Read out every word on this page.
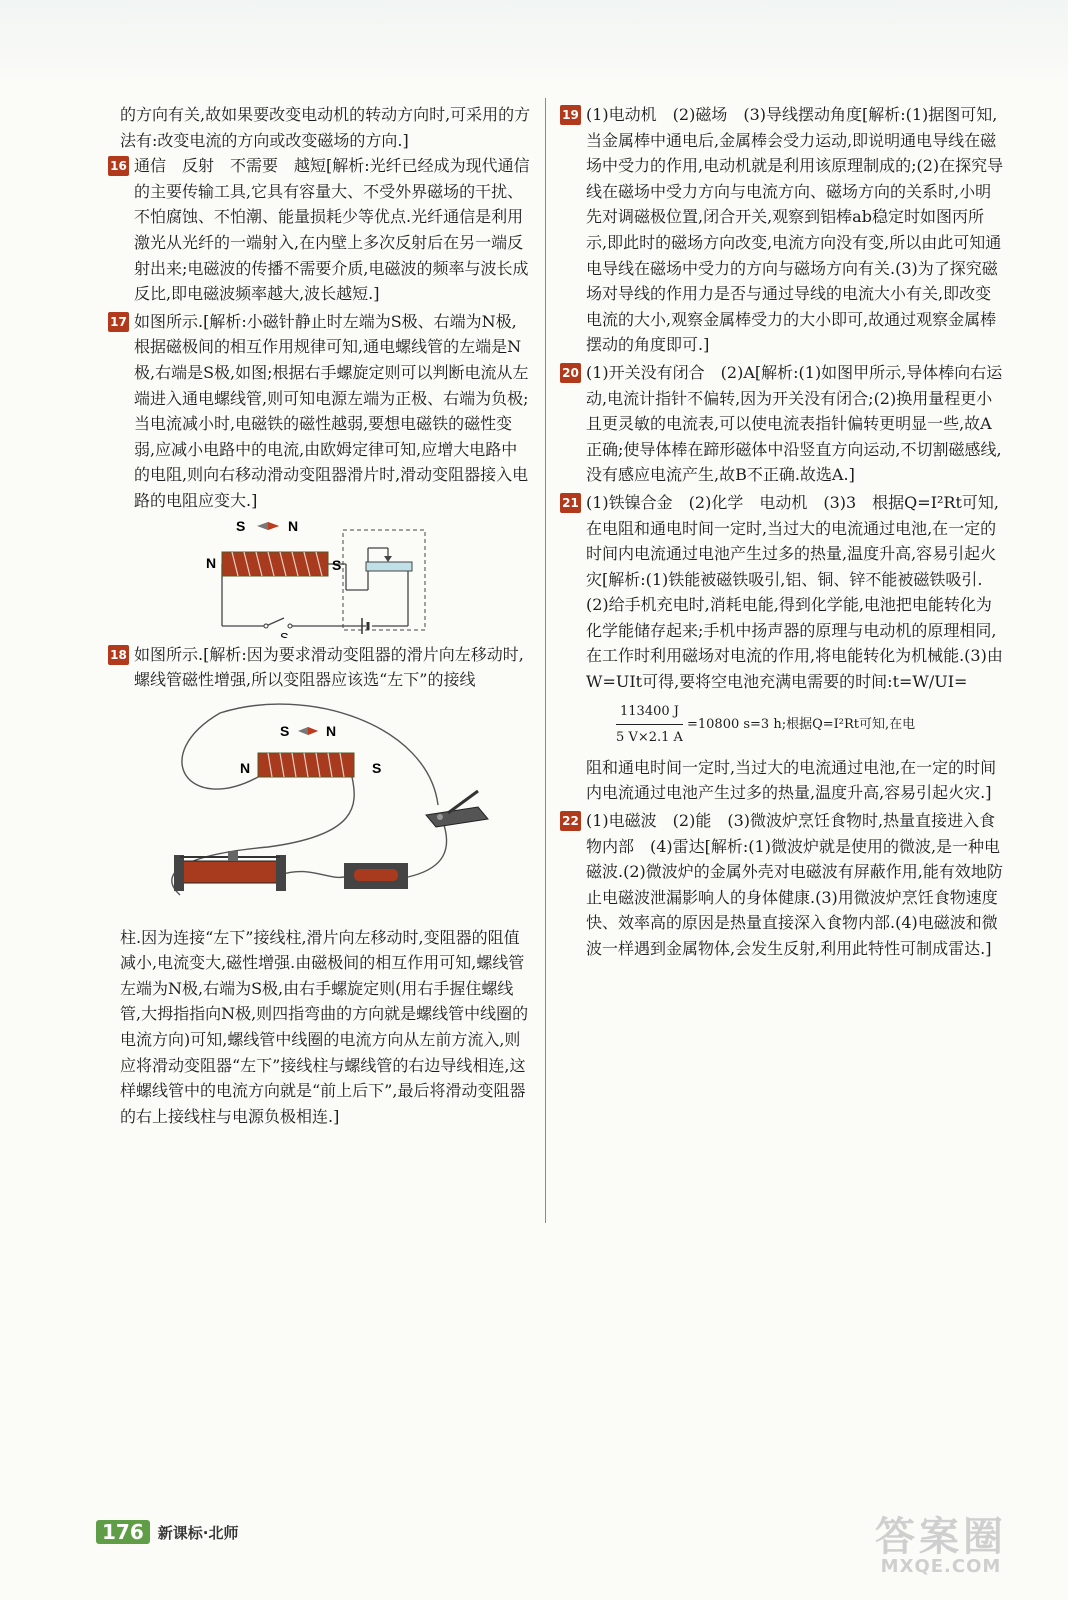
的方向有关,故如果要改变电动机的转动方向时,可采用的方法有:改变电流的方向或改变磁场的方向.]
16 通信　反射　不需要　越短[解析:光纤已经成为现代通信的主要传输工具,它具有容量大、不受外界磁场的干扰、不怕腐蚀、不怕潮、能量损耗少等优点.光纤通信是利用激光从光纤的一端射入,在内壁上多次反射后在另一端反射出来;电磁波的传播不需要介质,电磁波的频率与波长成反比,即电磁波频率越大,波长越短.]
17 如图所示.[解析:小磁针静止时左端为S极、右端为N极,根据磁极间的相互作用规律可知,通电螺线管的左端是N极,右端是S极,如图;根据右手螺旋定则可以判断电流从左端进入通电螺线管,则可知电源左端为正极、右端为负极;当电流减小时,电磁铁的磁性越弱,要想电磁铁的磁性变弱,应减小电路中的电流,由欧姆定律可知,应增大电路中的电阻,则向右移动滑动变阻器滑片时,滑动变阻器接入电路的电阻应变大.]
S	N
N	S
S
18 如图所示.[解析:因为要求滑动变阻器的滑片向左移动时,螺线管磁性增强,所以变阻器应该选“左下”的接线
S	N
N	S
柱.因为连接“左下”接线柱,滑片向左移动时,变阻器的阻值减小,电流变大,磁性增强.由磁极间的相互作用可知,螺线管左端为N极,右端为S极,由右手螺旋定则(用右手握住螺线管,大拇指指向N极,则四指弯曲的方向就是螺线管中线圈的电流方向)可知,螺线管中线圈的电流方向从左前方流入,则应将滑动变阻器“左下”接线柱与螺线管的右边导线相连,这样螺线管中的电流方向就是“前上后下”,最后将滑动变阻器的右上接线柱与电源负极相连.]
19 (1)电动机　(2)磁场　(3)导线摆动角度[解析:(1)据图可知,当金属棒中通电后,金属棒会受力运动,即说明通电导线在磁场中受力的作用,电动机就是利用该原理制成的;(2)在探究导线在磁场中受力方向与电流方向、磁场方向的关系时,小明先对调磁极位置,闭合开关,观察到铝棒ab稳定时如图丙所示,即此时的磁场方向改变,电流方向没有变,所以由此可知通电导线在磁场中受力的方向与磁场方向有关.(3)为了探究磁场对导线的作用力是否与通过导线的电流大小有关,即改变电流的大小,观察金属棒受力的大小即可,故通过观察金属棒摆动的角度即可.]
20 (1)开关没有闭合　(2)A[解析:(1)如图甲所示,导体棒向右运动,电流计指针不偏转,因为开关没有闭合;(2)换用量程更小且更灵敏的电流表,可以使电流表指针偏转更明显一些,故A正确;使导体棒在蹄形磁体中沿竖直方向运动,不切割磁感线,没有感应电流产生,故B不正确.故选A.]
21 (1)铁镍合金　(2)化学　电动机　(3)3　根据Q=I²Rt可知,在电阻和通电时间一定时,当过大的电流通过电池,在一定的时间内电流通过电池产生过多的热量,温度升高,容易引起火灾[解析:(1)铁能被磁铁吸引,铝、铜、锌不能被磁铁吸引.(2)给手机充电时,消耗电能,得到化学能,电池把电能转化为化学能储存起来;手机中扬声器的原理与电动机的原理相同,在工作时利用磁场对电流的作用,将电能转化为机械能.(3)由W=UIt可得,要将空电池充满电需要的时间:t=W/UI=
$\frac{113400 J}{5 V\times 2.1 A} =10800$ s=3 h;根据Q=I²Rt可知,在电
阻和通电时间一定时,当过大的电流通过电池,在一定的时间内电流通过电池产生过多的热量,温度升高,容易引起火灾.]
22 (1)电磁波　(2)能　(3)微波炉烹饪食物时,热量直接进入食物内部　(4)雷达[解析:(1)微波炉就是使用的微波,是一种电磁波.(2)微波炉的金属外壳对电磁波有屏蔽作用,能有效地防止电磁波泄漏影响人的身体健康.(3)用微波炉烹饪食物速度快、效率高的原因是热量直接深入食物内部.(4)电磁波和微波一样遇到金属物体,会发生反射,利用此特性可制成雷达.]
176 新课标·北师	答案圈
MXQE.COM
